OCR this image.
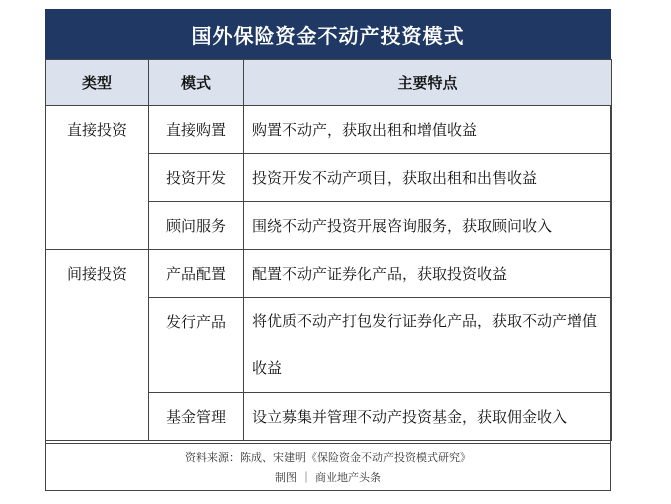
国外保险资金不动产投资模式
类型	模式	主要特点
直接投资	直接购置	购置不动产，获取出租和增值收益
	投资开发	投资开发不动产项目，获取出租和出售收益
	顾问服务	围绕不动产投资开展咨询服务，获取顾问收入
间接投资	产品配置	配置不动产证券化产品，获取投资收益
	发行产品	将优质不动产打包发行证券化产品，获取不动产增值收益
	基金管理	设立募集并管理不动产投资基金，获取佣金收入
资料来源：陈成、宋建明《保险资金不动产投资模式研究》
制图 ｜ 商业地产头条
